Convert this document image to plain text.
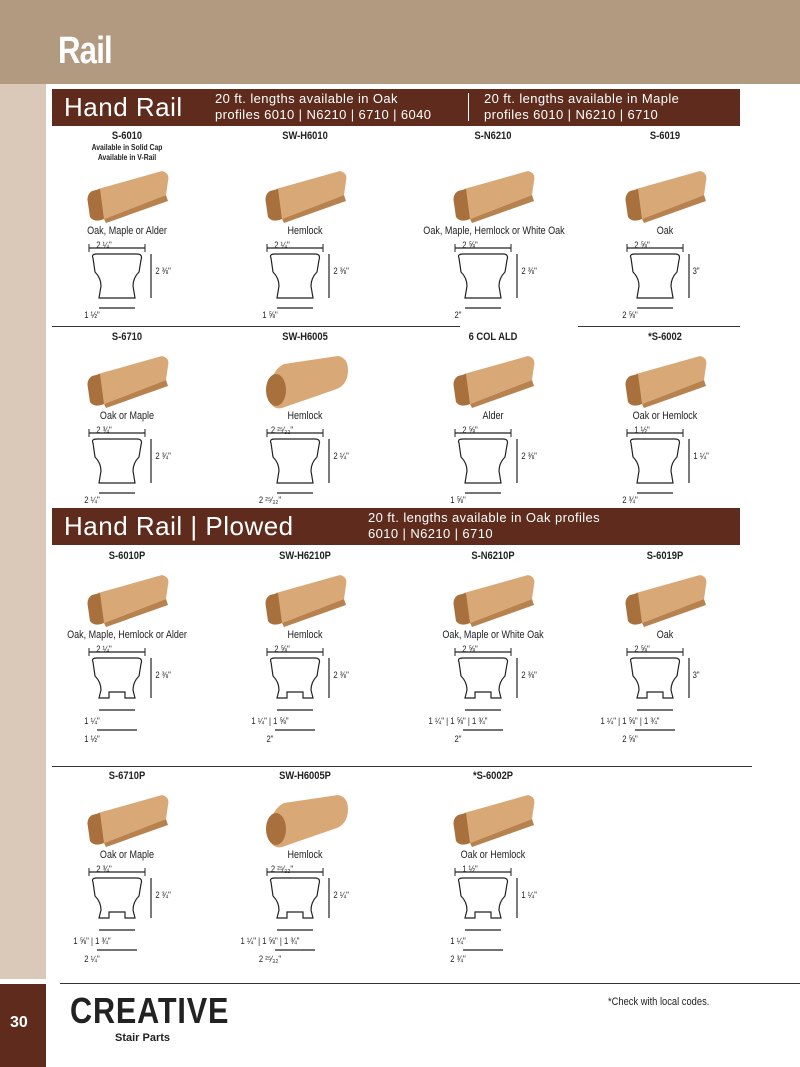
Rail
30
Hand Rail 20 ft. lengths available in Oak
profiles 6010 | N6210 | 6710 | 6040
20 ft. lengths available in Maple
profiles 6010 | N6210 | 6710
Hand Rail | Plowed	20 ft. lengths available in Oak profiles
6010 | N6210 | 6710
S-6010
Available in Solid Cap
Available in V-Rail
Oak, Maple or Alder
2 ¼"
2 ⅜"
1 ½"
SW-H6010
Hemlock
2 ¼"
2 ⅜"
1 ⅝"
S-N6210
Oak, Maple, Hemlock or White Oak
2 ⅝"
2 ⅜"
2"
S-6019
Oak
2 ⅝"
3"
2 ⅝"
S-6710
Oak or Maple
2 ¾"
2 ¾"
2 ¼"
SW-H6005
Hemlock
2 ²⁵⁄₃₂"
2 ¼"
2 ²⁵⁄₃₂"
6 COL ALD
Alder
2 ⅝"
2 ⅜"
1 ⅝"
*S-6002
Oak or Hemlock
1 ½"
1 ¼"
2 ¾"
S-6010P
Oak, Maple, Hemlock or Alder
2 ¼"
2 ⅜"
1 ¼"
1 ½"
SW-H6210P
Hemlock
2 ⅝"
2 ⅜"
1 ¼" | 1 ⅝"
2"
S-N6210P
Oak, Maple or White Oak
2 ⅝"
2 ⅜"
1 ¼" | 1 ⅝" | 1 ¾"
2"
S-6019P
Oak
2 ⅝"
3"
1 ¼" | 1 ⅝" | 1 ¾"
2 ⅝"
S-6710P
Oak or Maple
2 ¾"
2 ¾"
1 ⅝" | 1 ¾"
2 ¼"
SW-H6005P
Hemlock
2 ²⁵⁄₃₂"
2 ¼"
1 ¼" | 1 ⅝" | 1 ¾"
2 ²⁵⁄₃₂"
*S-6002P
Oak or Hemlock
1 ½"
1 ¼"
1 ¼"
2 ¾"
CREATIVE
Stair Parts
*Check with local codes.
